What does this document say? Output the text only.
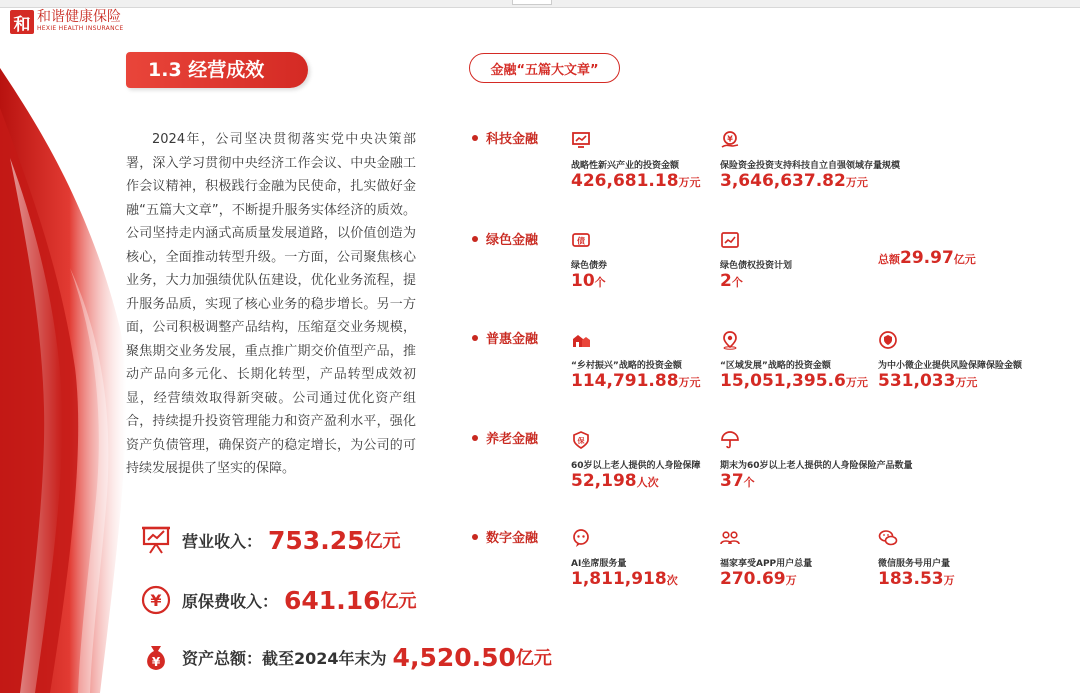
和 和谐健康保险
HEXIE HEALTH INSURANCE
1.3 经营成效

2024年，公司坚决贯彻落实党中央决策部署，深入学习贯彻中央经济工作会议、中央金融工作会议精神，积极践行金融为民使命，扎实做好金融“五篇大文章”，不断提升服务实体经济的质效。公司坚持走内涵式高质量发展道路，以价值创造为核心，全面推动转型升级。一方面，公司聚焦核心业务，大力加强绩优队伍建设，优化业务流程，提升服务品质，实现了核心业务的稳步增长。另一方面，公司积极调整产品结构，压缩趸交业务规模，聚焦期交业务发展，重点推广期交价值型产品，推动产品向多元化、长期化转型，产品转型成效初显，经营绩效取得新突破。公司通过优化资产组合，持续提升投资管理能力和资产盈利水平，强化资产负债管理，确保资产的稳定增长，为公司的可持续发展提供了坚实的保障。

营业收入： 753.25 亿元
¥ 原保费收入： 641.16 亿元
¥ 资产总额：截至2024年末为 4,520.50 亿元
金融“五篇大文章”
科技金融
绿色金融
普惠金融
养老金融
数字金融
战略性新兴产业的投资金额
426,681.18万元
¥
保险资金投资支持科技自立自强领域存量规模
3,646,637.82万元
债
绿色债券
10个
绿色债权投资计划
2个
总额29.97亿元
“乡村振兴”战略的投资金额
114,791.88万元
“区域发展”战略的投资金额
15,051,395.6万元
为中小微企业提供风险保障保险金额
531,033万元
保
60岁以上老人提供的人身险保障
52,198人次
期末为60岁以上老人提供的人身险保险产品数量
37个
AI坐席服务量
1,811,918次
福家享受APP用户总量
270.69万
微信服务号用户量
183.53万
